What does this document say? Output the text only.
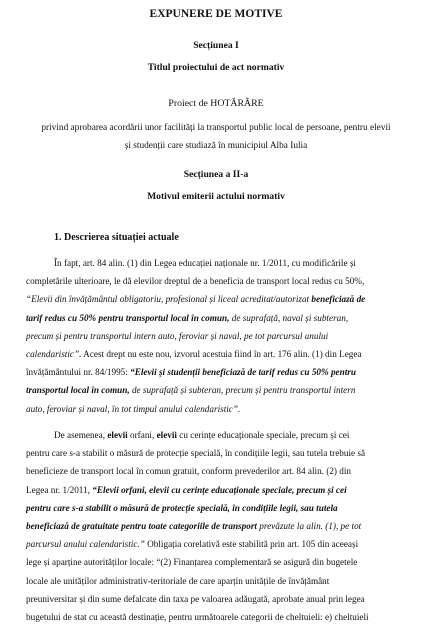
EXPUNERE DE MOTIVE
Secțiunea I
Titlul proiectului de act normativ
Proiect de HOTĂRÂRE
privind aprobarea acordării unor facilități la transportul public local de persoane, pentru elevii
și studenții care studiază în municipiul Alba Iulia
Secțiunea a II-a
Motivul emiterii actului normativ
1. Descrierea situației actuale
În fapt, art. 84 alin. (1) din Legea educației naționale nr. 1/2011, cu modificările și
completările ulterioare, le dă elevilor dreptul de a beneficia de transport local redus cu 50%,
“Elevii din învățământul obligatoriu, profesional și liceal acreditat/autorizat beneficiază de
tarif redus cu 50% pentru transportul local în comun, de suprafață, naval și subteran,
precum și pentru transportul intern auto, feroviar și naval, pe tot parcursul anului
calendaristic”. Acest drept nu este nou, izvorul acestuia fiind în art. 176 alin. (1) din Legea
învățământului nr. 84/1995: “Elevii și studenții beneficiază de tarif redus cu 50% pentru
transportul local în comun, de suprafață și subteran, precum și pentru transportul intern
auto, feroviar și naval, în tot timpul anului calendaristic”.
De asemenea, elevii orfani, elevii cu cerințe educaționale speciale, precum și cei
pentru care s-a stabilit o măsură de protecție specială, în condițiile legii, sau tutela trebuie să
beneficieze de transport local în comun gratuit, conform prevederilor art. 84 alin. (2) din
Legea nr. 1/2011, “Elevii orfani, elevii cu cerințe educaționale speciale, precum și cei
pentru care s-a stabilit o măsură de protecție specială, în condițiile legii, sau tutela
beneficiază de gratuitate pentru toate categoriile de transport prevăzute la alin. (1), pe tot
parcursul anului calendaristic.” Obligația corelativă este stabilită prin art. 105 din aceeași
lege și aparține autorităților locale: “(2) Finanțarea complementară se asigură din bugetele
locale ale unităților administrativ-teritoriale de care aparțin unitățile de învățământ
preuniversitar și din sume defalcate din taxa pe valoarea adăugată, aprobate anual prin legea
bugetului de stat cu această destinație, pentru următoarele categorii de cheltuieli: e) cheltuieli
